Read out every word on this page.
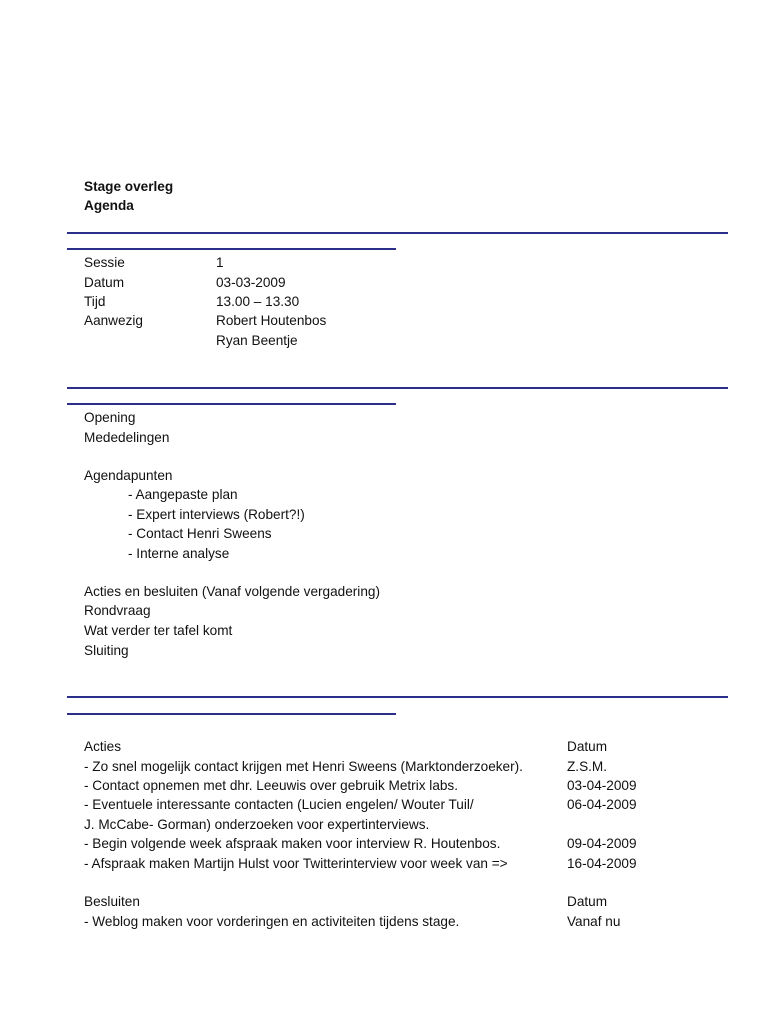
Stage overleg
Agenda
Sessie	1
Datum	03-03-2009
Tijd	13.00 – 13.30
Aanwezig	Robert Houtenbos
Ryan Beentje
Opening
Mededelingen
Agendapunten
- Aangepaste plan
- Expert interviews (Robert?!)
- Contact Henri Sweens
- Interne analyse
Acties en besluiten (Vanaf volgende vergadering)
Rondvraag
Wat verder ter tafel komt
Sluiting
Acties	Datum
- Zo snel mogelijk contact krijgen met Henri Sweens (Marktonderzoeker).	Z.S.M.
- Contact opnemen met dhr. Leeuwis over gebruik Metrix labs.	03-04-2009
- Eventuele interessante contacten (Lucien engelen/ Wouter Tuil/	06-04-2009
J. McCabe- Gorman) onderzoeken voor expertinterviews.
- Begin volgende week afspraak maken voor interview R. Houtenbos.	09-04-2009
- Afspraak maken Martijn Hulst voor Twitterinterview voor week van =>	16-04-2009
Besluiten	Datum
- Weblog maken voor vorderingen en activiteiten tijdens stage.	Vanaf nu
